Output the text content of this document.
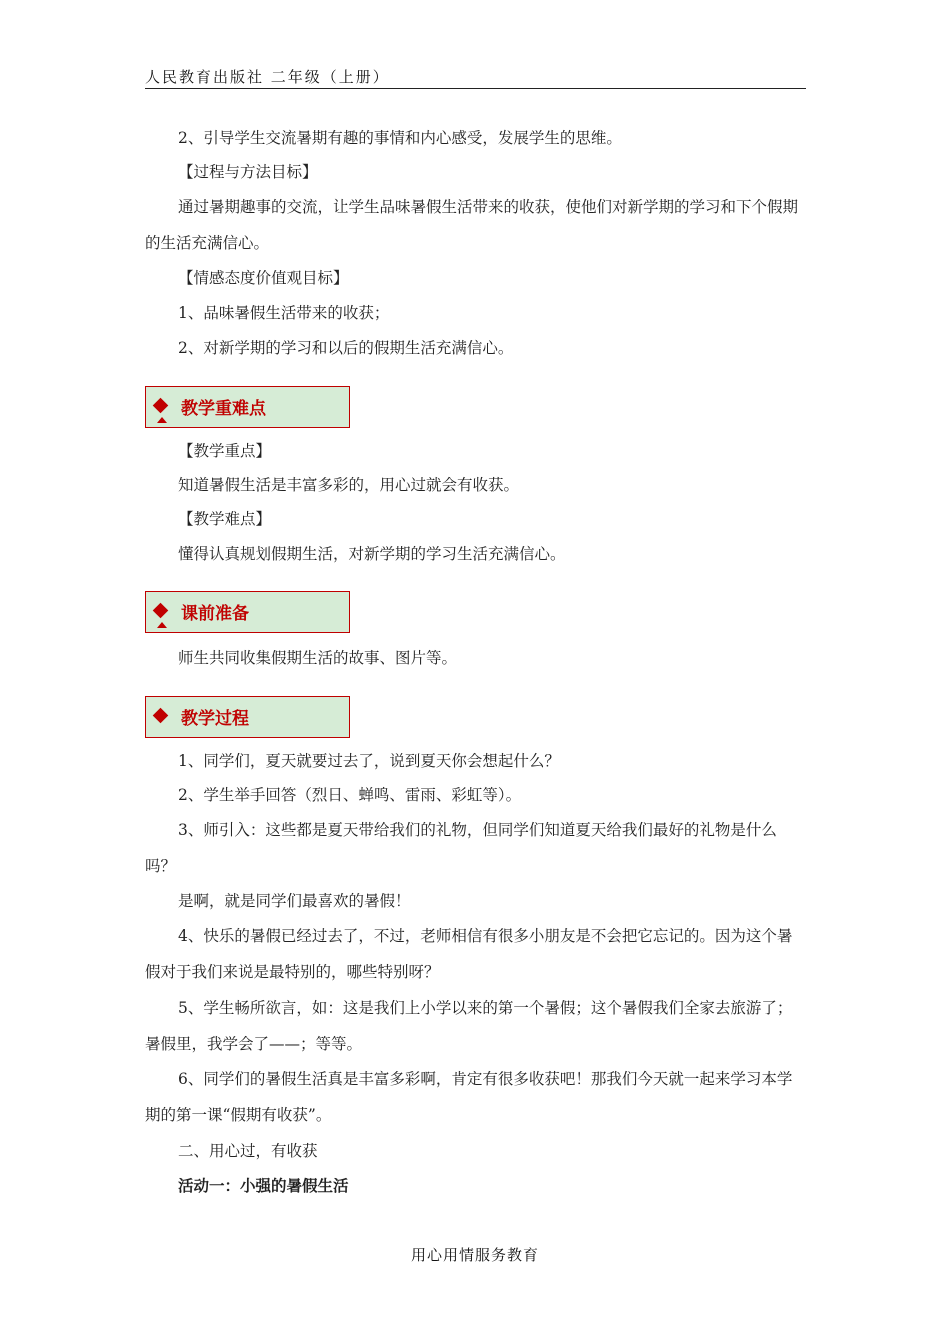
人民教育出版社 二年级（上册）

2、引导学生交流暑期有趣的事情和内心感受，发展学生的思维。

【过程与方法目标】

通过暑期趣事的交流，让学生品味暑假生活带来的收获，使他们对新学期的学习和下个假期的生活充满信心。

【情感态度价值观目标】

1、品味暑假生活带来的收获；

2、对新学期的学习和以后的假期生活充满信心。

教学重难点

【教学重点】

知道暑假生活是丰富多彩的，用心过就会有收获。

【教学难点】

懂得认真规划假期生活，对新学期的学习生活充满信心。

课前准备

师生共同收集假期生活的故事、图片等。

教学过程

1、同学们，夏天就要过去了，说到夏天你会想起什么？

2、学生举手回答（烈日、蝉鸣、雷雨、彩虹等）。

3、师引入：这些都是夏天带给我们的礼物，但同学们知道夏天给我们最好的礼物是什么吗？

是啊，就是同学们最喜欢的暑假！

4、快乐的暑假已经过去了，不过，老师相信有很多小朋友是不会把它忘记的。因为这个暑假对于我们来说是最特别的，哪些特别呀？

5、学生畅所欲言，如：这是我们上小学以来的第一个暑假；这个暑假我们全家去旅游了；暑假里，我学会了——；等等。

6、同学们的暑假生活真是丰富多彩啊，肯定有很多收获吧！那我们今天就一起来学习本学期的第一课“假期有收获”。

二、用心过，有收获

活动一：小强的暑假生活

用心用情服务教育
